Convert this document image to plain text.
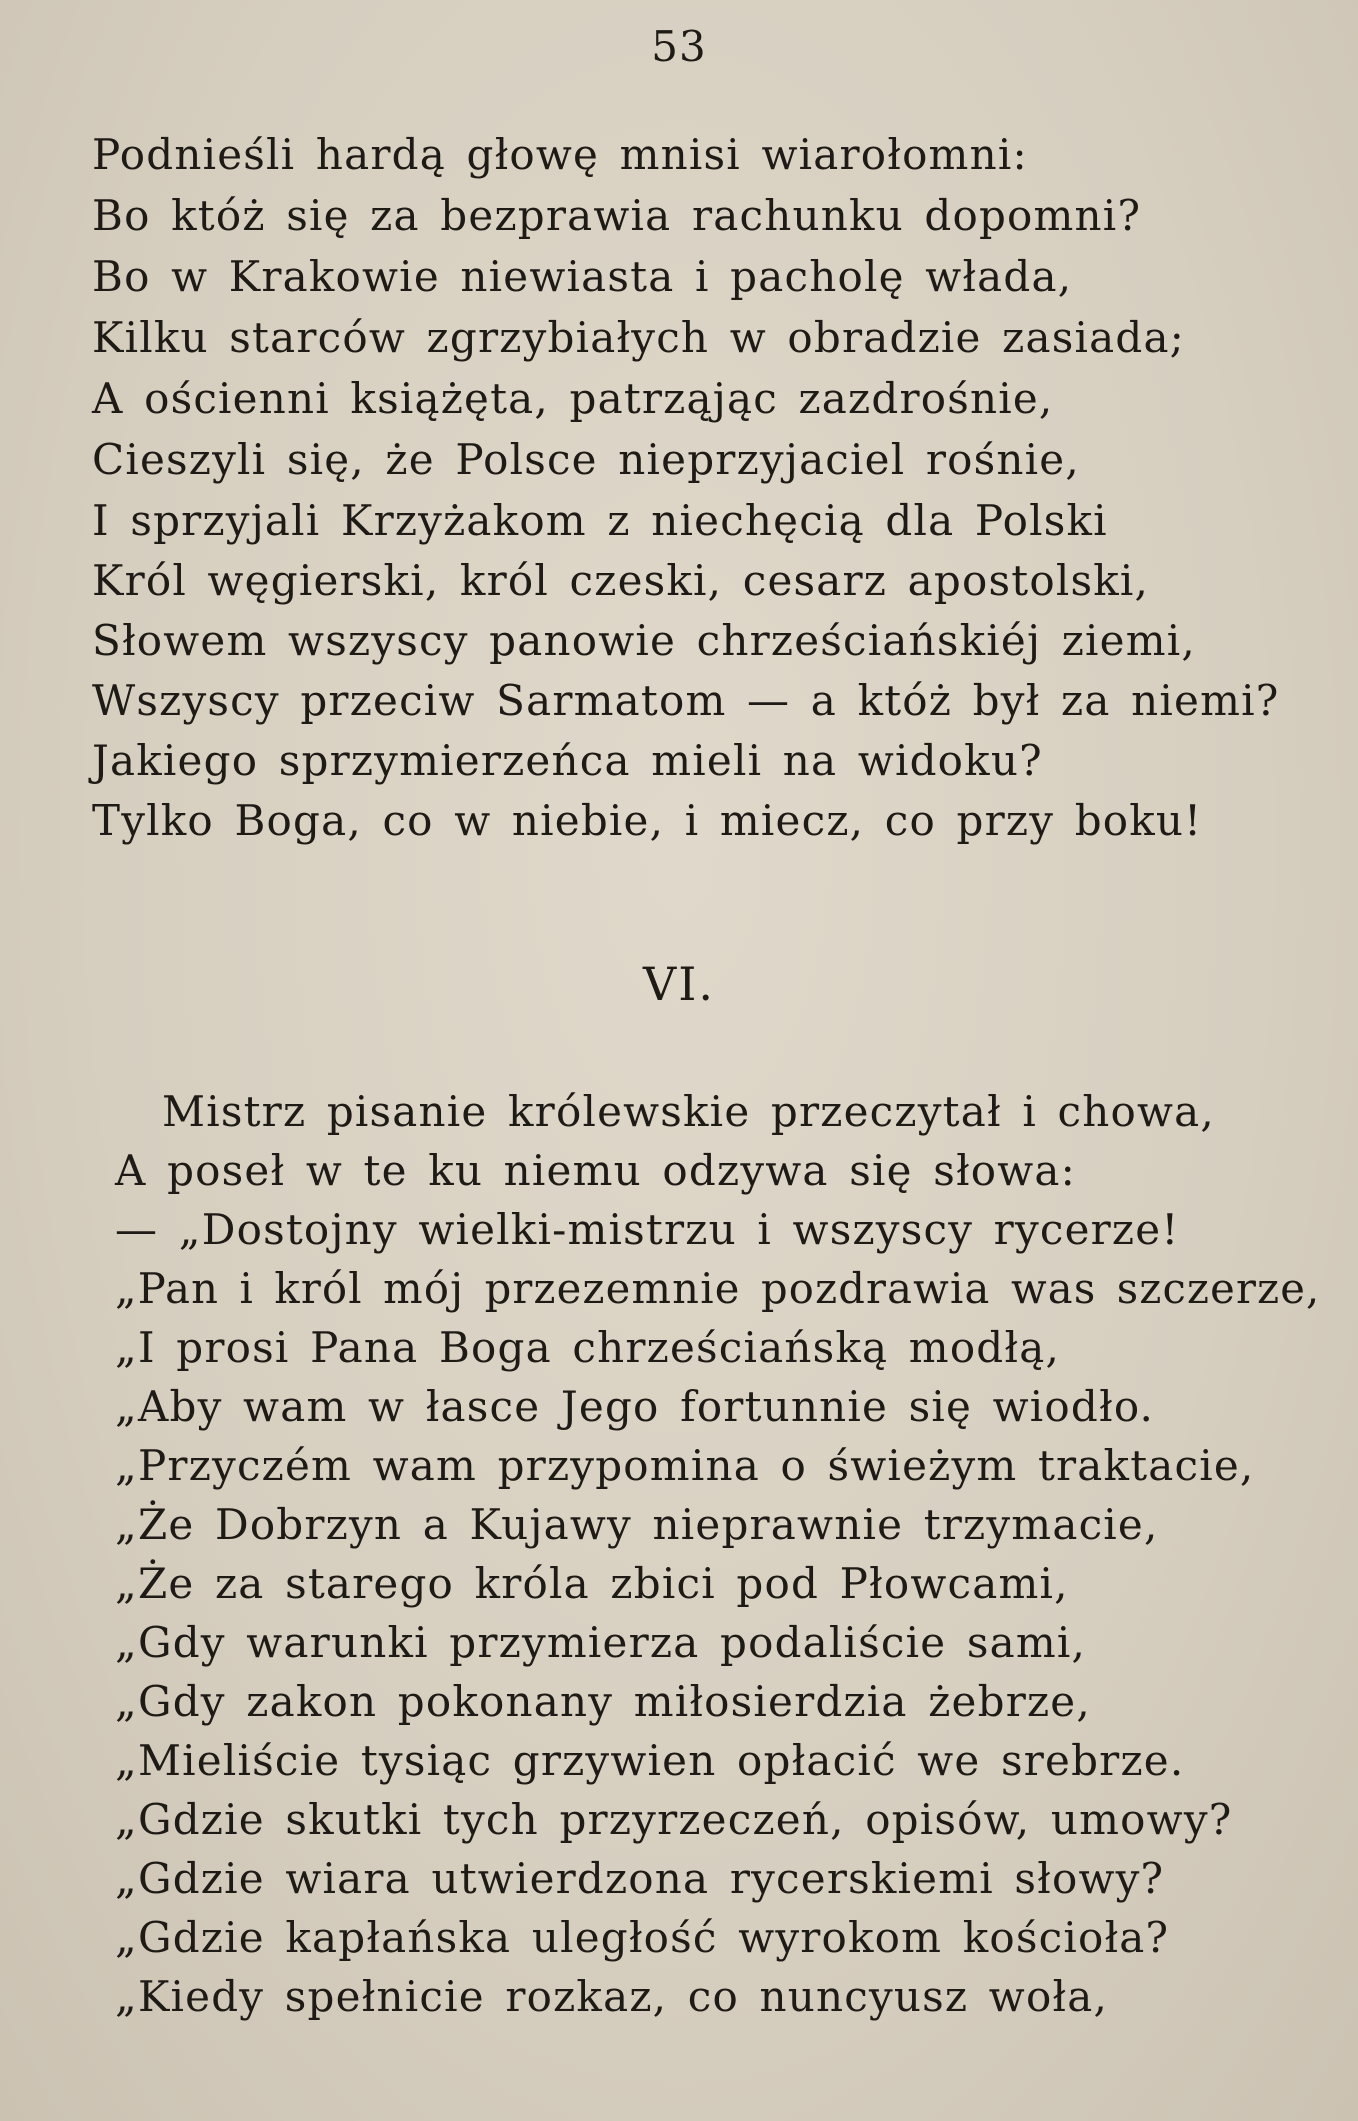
53
Podnieśli hardą głowę mnisi wiarołomni:
Bo któż się za bezprawia rachunku dopomni?
Bo w Krakowie niewiasta i pacholę włada,
Kilku starców zgrzybiałych w obradzie zasiada;
A ościenni książęta, patrząjąc zazdrośnie,
Cieszyli się, że Polsce nieprzyjaciel rośnie,
I sprzyjali Krzyżakom z niechęcią dla Polski
Król węgierski, król czeski, cesarz apostolski,
Słowem wszyscy panowie chrześciańskiéj ziemi,
Wszyscy przeciw Sarmatom — a któż był za niemi?
Jakiego sprzymierzeńca mieli na widoku?
Tylko Boga, co w niebie, i miecz, co przy boku!
VI.
Mistrz pisanie królewskie przeczytał i chowa,
A poseł w te ku niemu odzywa się słowa:
— „Dostojny wielki-mistrzu i wszyscy rycerze!
„Pan i król mój przezemnie pozdrawia was szczerze,
„I prosi Pana Boga chrześciańską modłą,
„Aby wam w łasce Jego fortunnie się wiodło.
„Przyczém wam przypomina o świeżym traktacie,
„Że Dobrzyn a Kujawy nieprawnie trzymacie,
„Że za starego króla zbici pod Płowcami,
„Gdy warunki przymierza podaliście sami,
„Gdy zakon pokonany miłosierdzia żebrze,
„Mieliście tysiąc grzywien opłacić we srebrze.
„Gdzie skutki tych przyrzeczeń, opisów, umowy?
„Gdzie wiara utwierdzona rycerskiemi słowy?
„Gdzie kapłańska uległość wyrokom kościoła?
„Kiedy spełnicie rozkaz, co nuncyusz woła,
